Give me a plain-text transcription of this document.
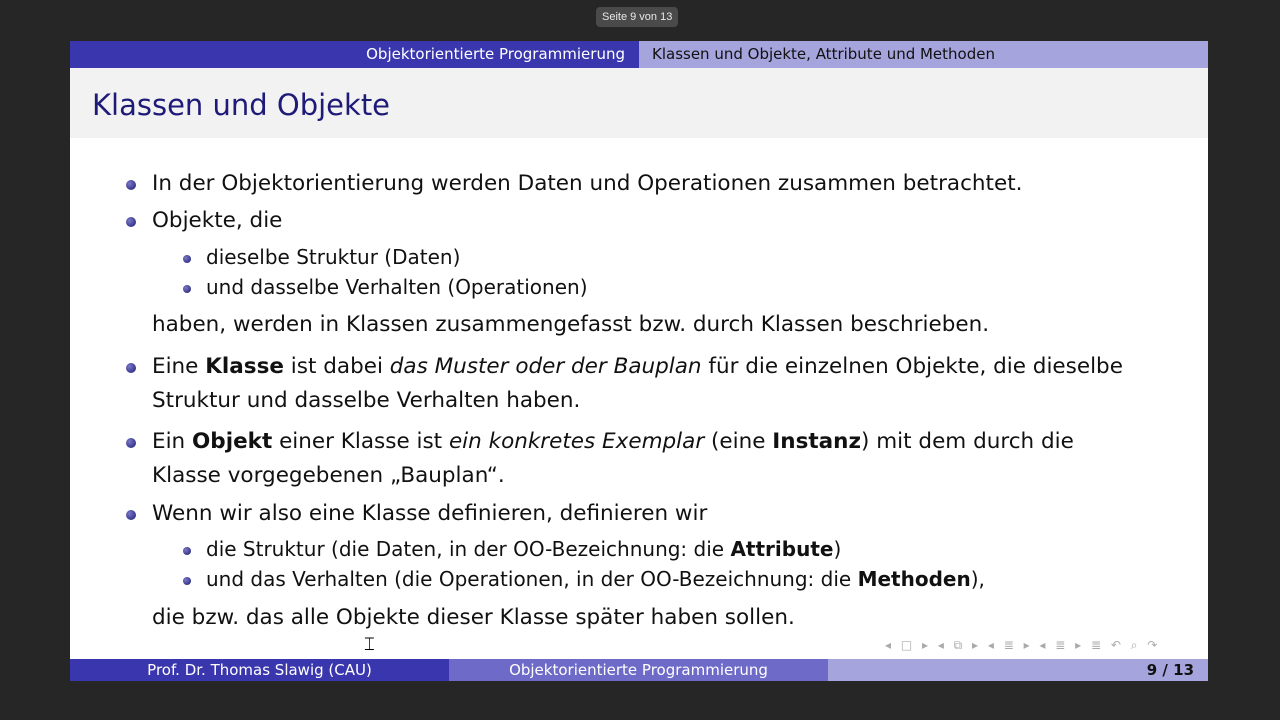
Seite 9 von 13
Objektorientierte Programmierung	Klassen und Objekte, Attribute und Methoden
Klassen und Objekte
In der Objektorientierung werden Daten und Operationen zusammen betrachtet.
Objekte, die
dieselbe Struktur (Daten)
und dasselbe Verhalten (Operationen)
haben, werden in Klassen zusammengefasst bzw. durch Klassen beschrieben.
Eine Klasse ist dabei das Muster oder der Bauplan für die einzelnen Objekte, die dieselbe
Struktur und dasselbe Verhalten haben.
Ein Objekt einer Klasse ist ein konkretes Exemplar (eine Instanz) mit dem durch die
Klasse vorgegebenen „Bauplan“.
Wenn wir also eine Klasse definieren, definieren wir
die Struktur (die Daten, in der OO-Bezeichnung: die Attribute)
und das Verhalten (die Operationen, in der OO-Bezeichnung: die Methoden),
die bzw. das alle Objekte dieser Klasse später haben sollen.
◂ □ ▸ ◂ ⧉ ▸ ◂ ≣ ▸ ◂ ≣ ▸ ≣ ↶ ⌕ ↷
Prof. Dr. Thomas Slawig (CAU)	Objektorientierte Programmierung	9 / 13
⌶
